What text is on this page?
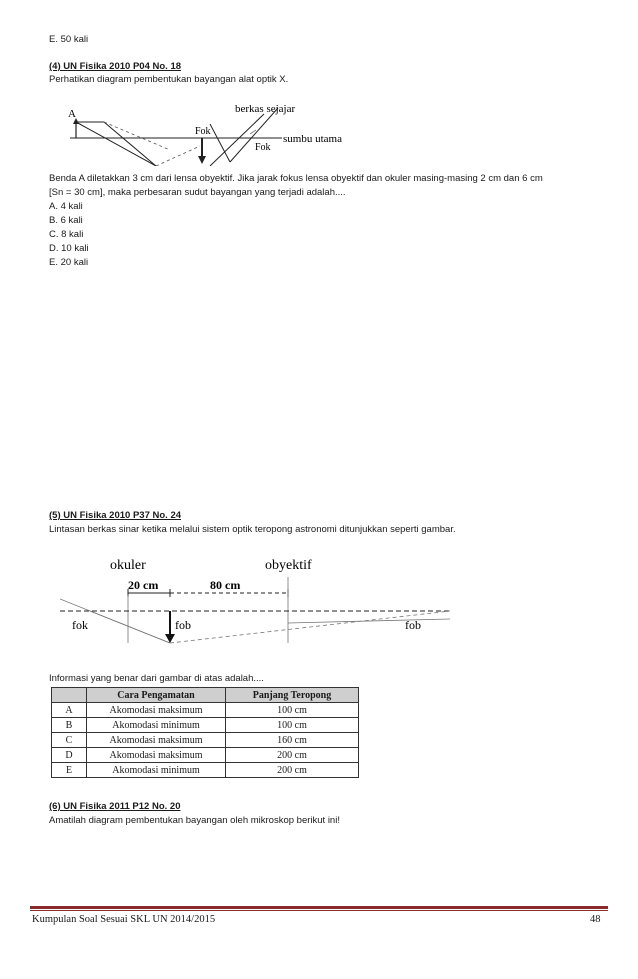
E. 50 kali
(4) UN Fisika 2010 P04 No. 18
Perhatikan diagram pembentukan bayangan alat optik X.
A
Fok
berkas sejajar
sumbu utama
Fok
Benda A diletakkan 3 cm dari lensa obyektif. Jika jarak fokus lensa obyektif dan okuler masing-masing 2 cm dan 6 cm
[Sn = 30 cm], maka perbesaran sudut bayangan yang terjadi adalah....
A. 4 kali
B. 6 kali
C. 8 kali
D. 10 kali
E. 20 kali
(5) UN Fisika 2010 P37 No. 24
Lintasan berkas sinar ketika melalui sistem optik teropong astronomi ditunjukkan seperti gambar.
okuler	obyektif
20 cm	80 cm
fok	fob	fob
Informasi yang benar dari gambar di atas adalah....
	Cara Pengamatan	Panjang Teropong
A	Akomodasi maksimum	100 cm
B	Akomodasi minimum	100 cm
C	Akomodasi maksimum	160 cm
D	Akomodasi maksimum	200 cm
E	Akomodasi minimum	200 cm
(6) UN Fisika 2011 P12 No. 20
Amatilah diagram pembentukan bayangan oleh mikroskop berikut ini!
Kumpulan Soal Sesuai SKL UN 2014/2015	48
